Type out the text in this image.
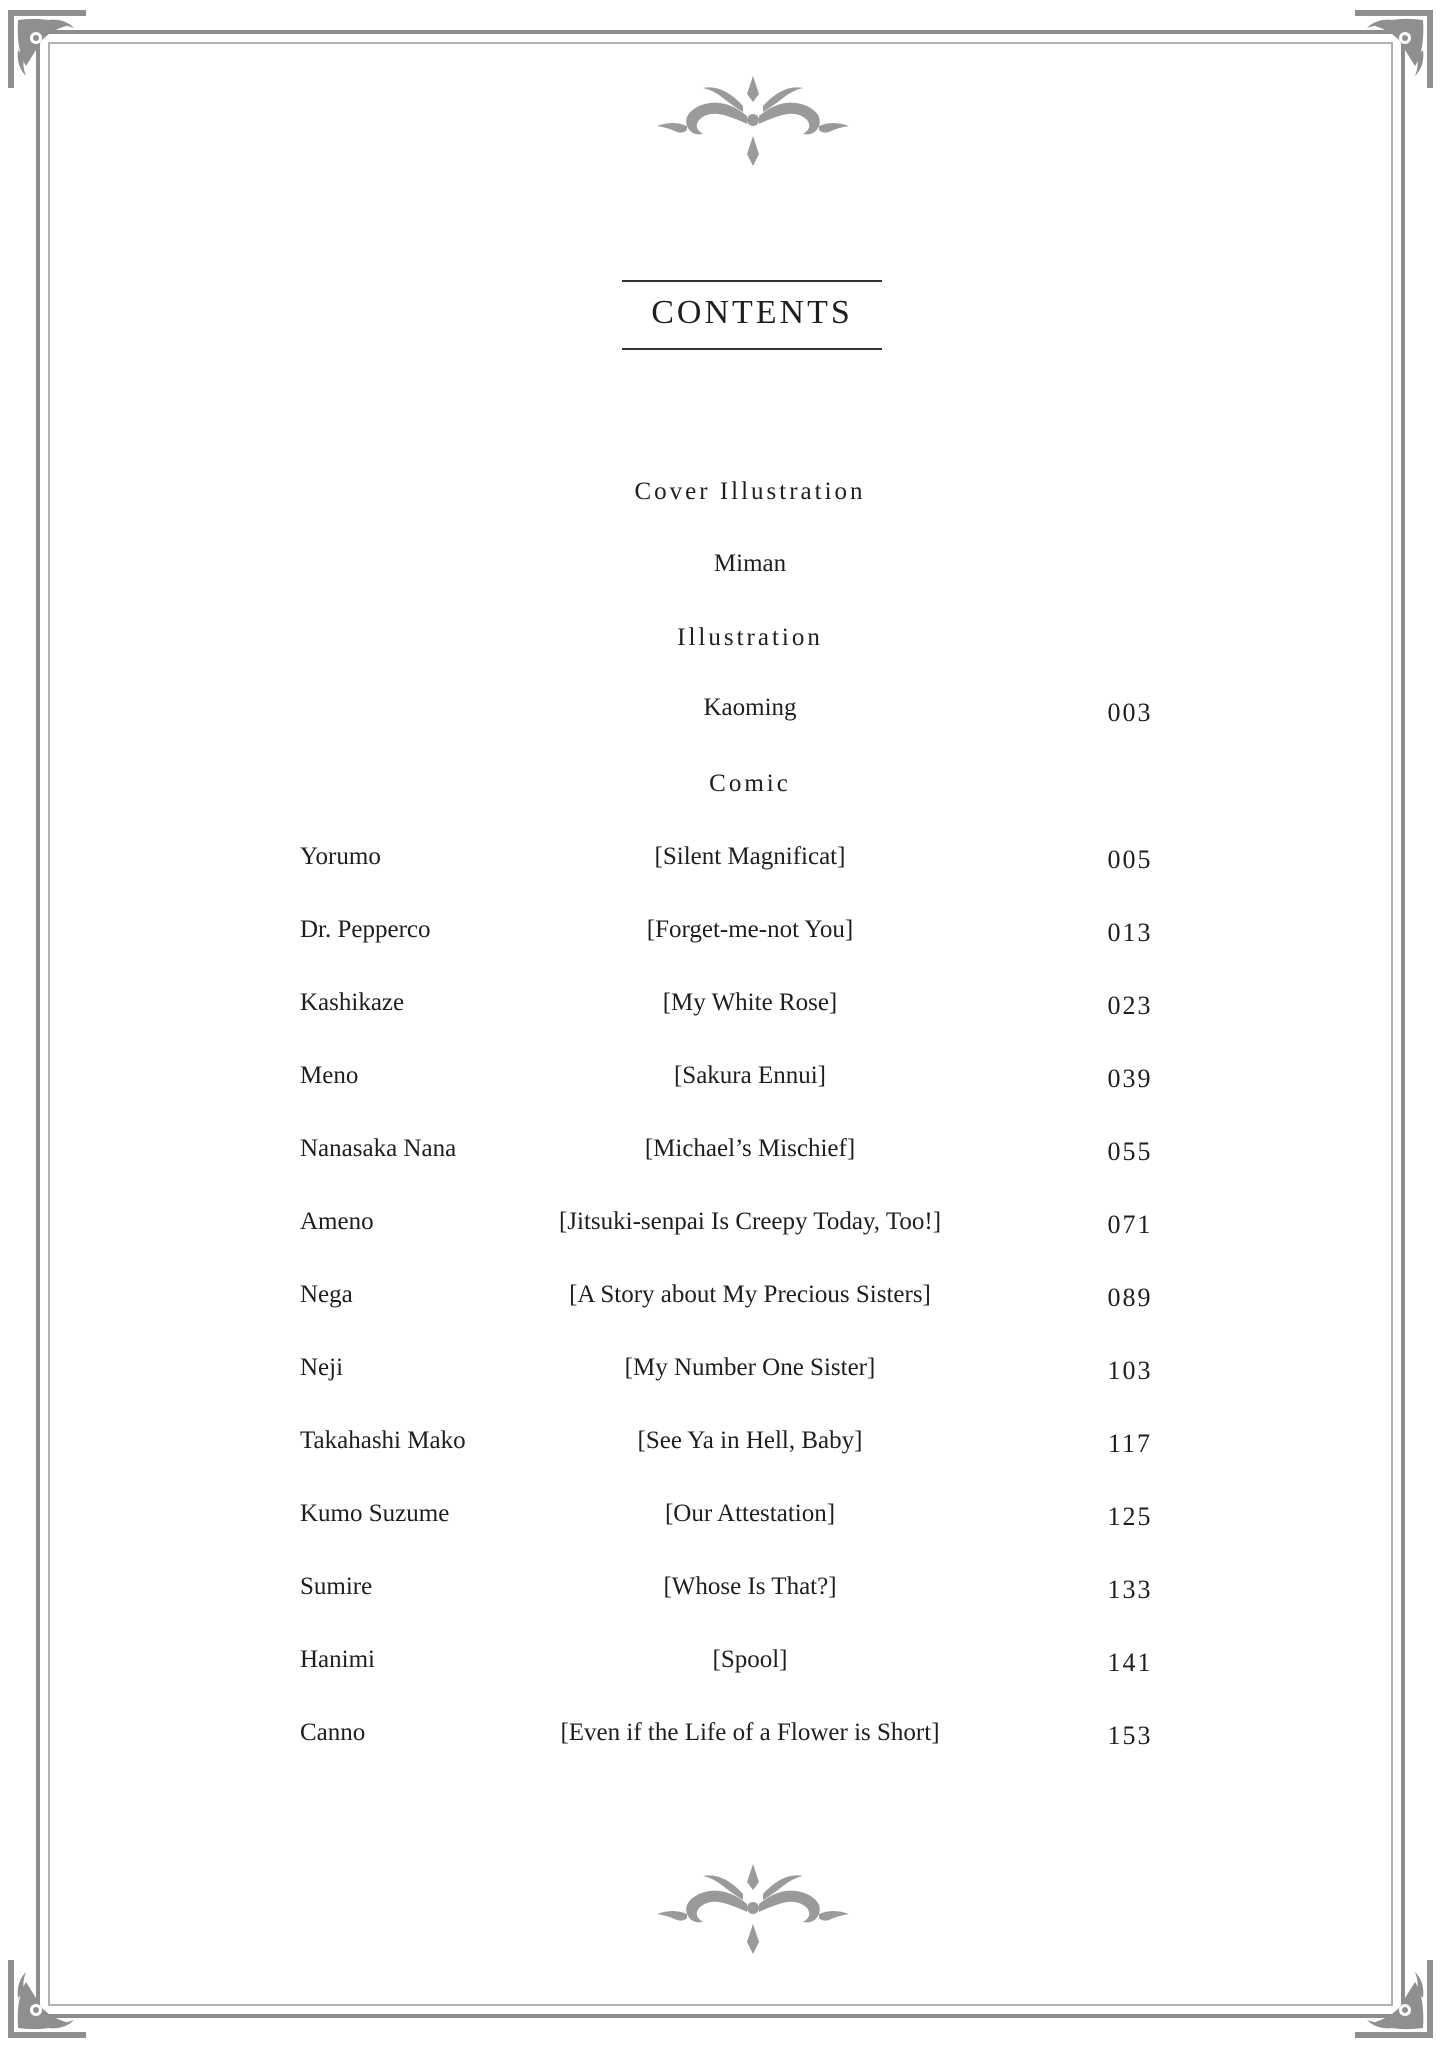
CONTENTS
Cover Illustration
Miman
Illustration
Kaoming	003
Comic
Yorumo	[Silent Magnificat]	005
Dr. Pepperco	[Forget-me-not You]	013
Kashikaze	[My White Rose]	023
Meno	[Sakura Ennui]	039
Nanasaka Nana	[Michael’s Mischief]	055
Ameno	[Jitsuki-senpai Is Creepy Today, Too!]	071
Nega	[A Story about My Precious Sisters]	089
Neji	[My Number One Sister]	103
Takahashi Mako	[See Ya in Hell, Baby]	117
Kumo Suzume	[Our Attestation]	125
Sumire	[Whose Is That?]	133
Hanimi	[Spool]	141
Canno	[Even if the Life of a Flower is Short]	153
